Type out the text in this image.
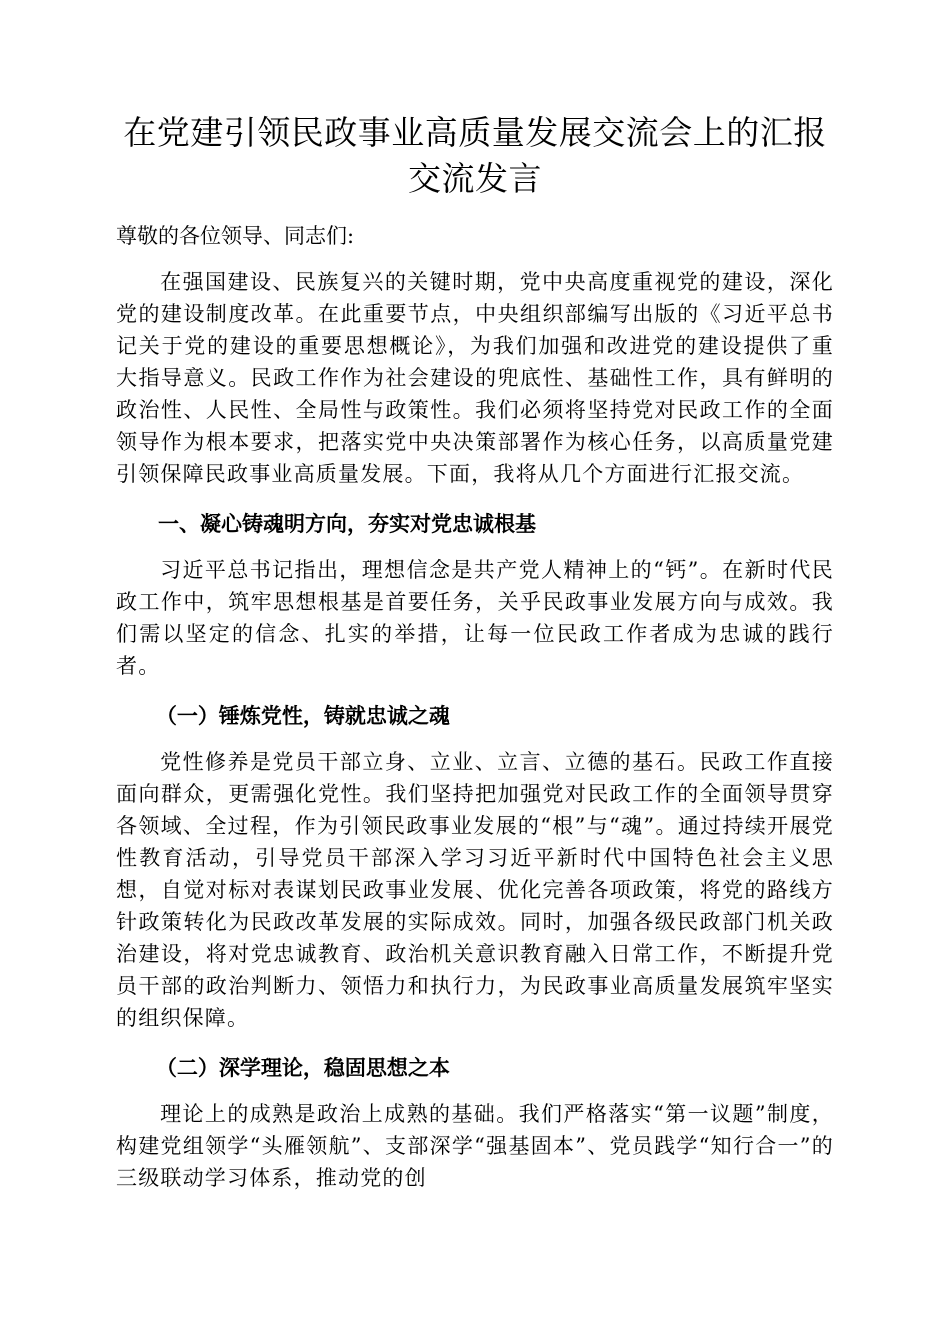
在党建引领民政事业高质量发展交流会上的汇报交流发言

尊敬的各位领导、同志们:

在强国建设、民族复兴的关键时期，党中央高度重视党的建设，深化党的建设制度改革。在此重要节点，中央组织部编写出版的《习近平总书记关于党的建设的重要思想概论》，为我们加强和改进党的建设提供了重大指导意义。民政工作作为社会建设的兜底性、基础性工作，具有鲜明的政治性、人民性、全局性与政策性。我们必须将坚持党对民政工作的全面领导作为根本要求，把落实党中央决策部署作为核心任务，以高质量党建引领保障民政事业高质量发展。下面，我将从几个方面进行汇报交流。

一、凝心铸魂明方向，夯实对党忠诚根基

习近平总书记指出，理想信念是共产党人精神上的“钙”。在新时代民政工作中，筑牢思想根基是首要任务，关乎民政事业发展方向与成效。我们需以坚定的信念、扎实的举措，让每一位民政工作者成为忠诚的践行者。

（一）锤炼党性，铸就忠诚之魂

党性修养是党员干部立身、立业、立言、立德的基石。民政工作直接面向群众，更需强化党性。我们坚持把加强党对民政工作的全面领导贯穿各领域、全过程，作为引领民政事业发展的“根”与“魂”。通过持续开展党性教育活动，引导党员干部深入学习习近平新时代中国特色社会主义思想，自觉对标对表谋划民政事业发展、优化完善各项政策，将党的路线方针政策转化为民政改革发展的实际成效。同时，加强各级民政部门机关政治建设，将对党忠诚教育、政治机关意识教育融入日常工作，不断提升党员干部的政治判断力、领悟力和执行力，为民政事业高质量发展筑牢坚实的组织保障。

（二）深学理论，稳固思想之本

理论上的成熟是政治上成熟的基础。我们严格落实“第一议题”制度，构建党组领学“头雁领航”、支部深学“强基固本”、党员践学“知行合一”的三级联动学习体系，推动党的创
